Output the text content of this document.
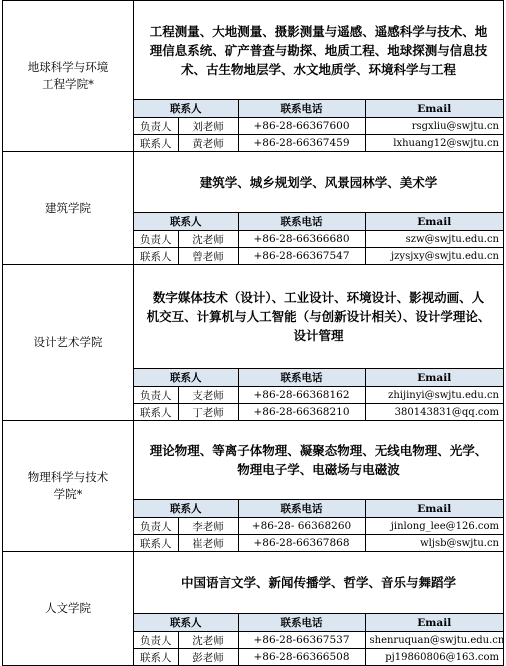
地球科学与环境
工程学院*
工程测量、大地测量、摄影测量与遥感、遥感科学与技术、地
理信息系统、矿产普查与勘探、地质工程、地球探测与信息技
术、古生物地层学、水文地质学、环境科学与工程
联系人		联系电话	Email
负责人	刘老师	+86-28-66367600	rsgxliu@swjtu.cn
联系人	黄老师	+86-28-66367459	lxhuang12@swjtu.cn
建筑学院
建筑学、城乡规划学、风景园林学、美术学
联系人		联系电话	Email
负责人	沈老师	+86-28-66366680	szw@swjtu.edu.cn
联系人	曾老师	+86-28-66367547	jzysjxy@swjtu.edu.cn
设计艺术学院
数字媒体技术（设计）、工业设计、环境设计、影视动画、人
机交互、计算机与人工智能（与创新设计相关）、设计学理论、
设计管理
联系人		联系电话	Email
负责人	支老师	+86-28-66368162	zhijinyi@swjtu.edu.cn
联系人	丁老师	+86-28-66368210	380143831@qq.com
物理科学与技术
学院*
理论物理、等离子体物理、凝聚态物理、无线电物理、光学、
物理电子学、电磁场与电磁波
联系人		联系电话	Email
负责人	李老师	+86-28- 66368260	jinlong_lee@126.com
联系人	崔老师	+86-28-66367868	wljsb@swjtu.cn
人文学院
中国语言文学、新闻传播学、哲学、音乐与舞蹈学
联系人		联系电话	Email
负责人	沈老师	+86-28-66367537	shenruquan@swjtu.edu.cn
联系人	彭老师	+86-28-66366508	pj19860806@163.com
